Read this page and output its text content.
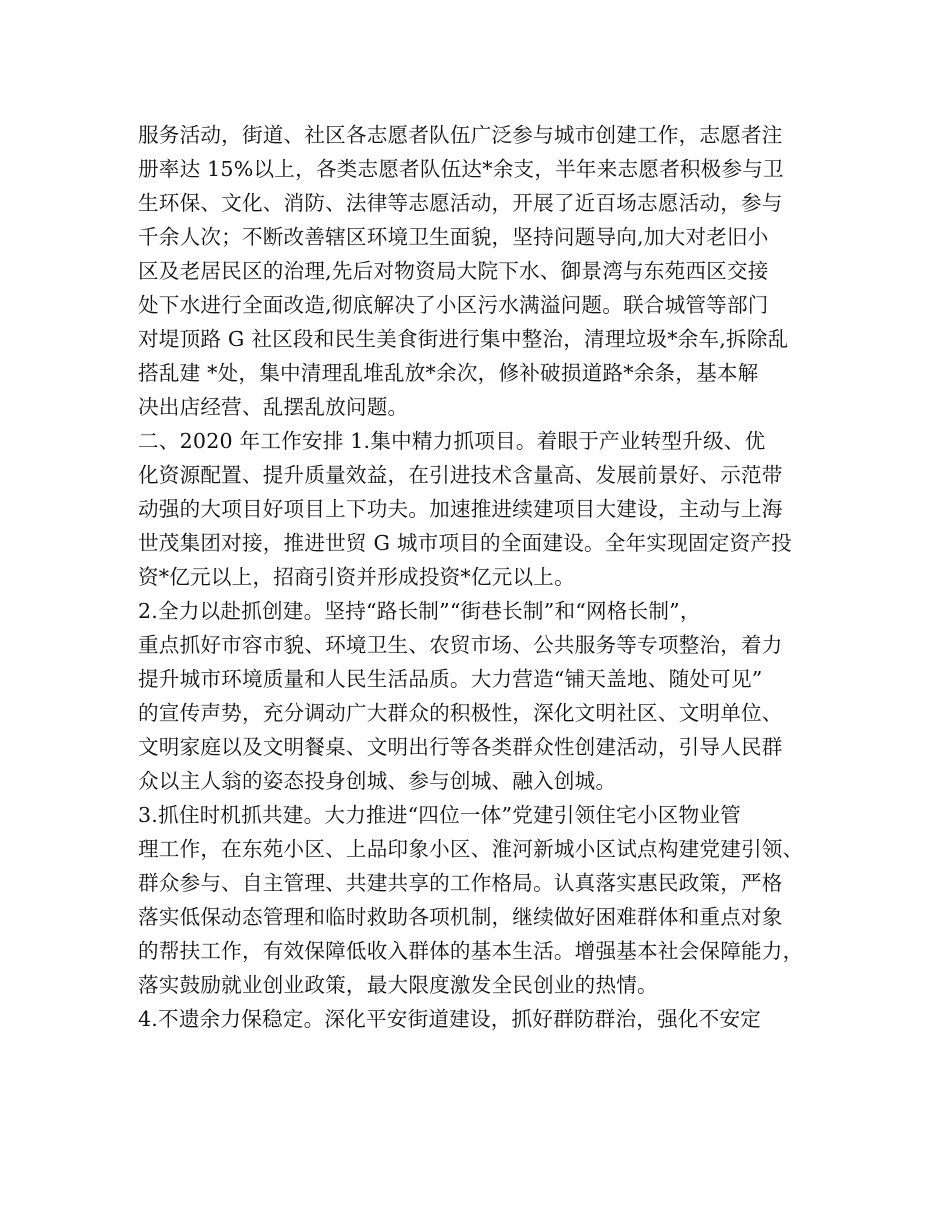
服务活动，街道、社区各志愿者队伍广泛参与城市创建工作，志愿者注
册率达 15%以上，各类志愿者队伍达*余支，半年来志愿者积极参与卫
生环保、文化、消防、法律等志愿活动，开展了近百场志愿活动，参与
千余人次；不断改善辖区环境卫生面貌，坚持问题导向,加大对老旧小
区及老居民区的治理,先后对物资局大院下水、御景湾与东苑西区交接
处下水进行全面改造,彻底解决了小区污水满溢问题。联合城管等部门
对堤顶路 G 社区段和民生美食街进行集中整治，清理垃圾*余车,拆除乱
搭乱建 *处，集中清理乱堆乱放*余次，修补破损道路*余条，基本解
决出店经营、乱摆乱放问题。
二、2020 年工作安排 1.集中精力抓项目。着眼于产业转型升级、优
化资源配置、提升质量效益，在引进技术含量高、发展前景好、示范带
动强的大项目好项目上下功夫。加速推进续建项目大建设，主动与上海
世茂集团对接，推进世贸 G 城市项目的全面建设。全年实现固定资产投
资*亿元以上，招商引资并形成投资*亿元以上。
2.全力以赴抓创建。坚持“路长制”“街巷长制”和“网格长制”，
重点抓好市容市貌、环境卫生、农贸市场、公共服务等专项整治，着力
提升城市环境质量和人民生活品质。大力营造“铺天盖地、随处可见”
的宣传声势，充分调动广大群众的积极性，深化文明社区、文明单位、
文明家庭以及文明餐桌、文明出行等各类群众性创建活动，引导人民群
众以主人翁的姿态投身创城、参与创城、融入创城。
3.抓住时机抓共建。大力推进“四位一体”党建引领住宅小区物业管
理工作，在东苑小区、上品印象小区、淮河新城小区试点构建党建引领、
群众参与、自主管理、共建共享的工作格局。认真落实惠民政策，严格
落实低保动态管理和临时救助各项机制，继续做好困难群体和重点对象
的帮扶工作，有效保障低收入群体的基本生活。增强基本社会保障能力，
落实鼓励就业创业政策，最大限度激发全民创业的热情。
4.不遗余力保稳定。深化平安街道建设，抓好群防群治，强化不安定
